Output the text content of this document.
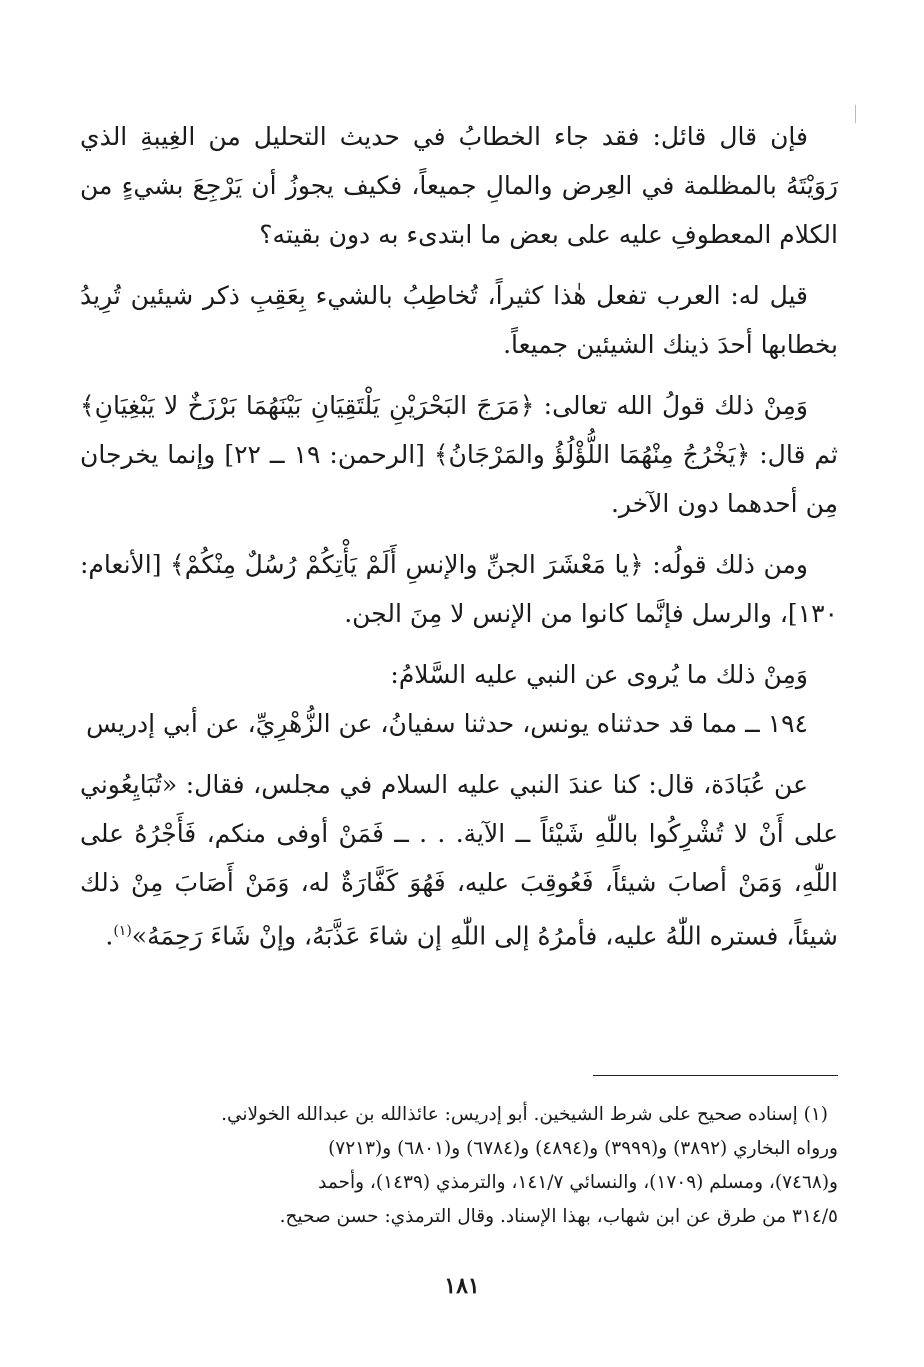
فإن قال قائل: فقد جاء الخطابُ في حديث التحليل من الغِيبةِ الذي رَوَيْتَهُ بالمظلمة في العِرض والمالِ جميعاً، فكيف يجوزُ أن يَرْجِعَ بشيءٍ من الكلام المعطوفِ عليه على بعض ما ابتدىء به دون بقيته؟

قيل له: العرب تفعل هٰذا كثيراً، تُخاطِبُ بالشيء بِعَقِبِ ذكر شيئين تُرِيدُ بخطابها أحدَ ذينك الشيئين جميعاً.

وَمِنْ ذلك قولُ الله تعالى: ﴿مَرَجَ البَحْرَيْنِ يَلْتَقِيَانِ بَيْنَهُمَا بَرْزَخٌ لا يَبْغِيَانِ﴾ ثم قال: ﴿يَخْرُجُ مِنْهُمَا اللُّؤْلُؤُ والمَرْجَانُ﴾ [الرحمن: ١٩ ــ ٢٢] وإنما يخرجان مِن أحدهما دون الآخر.

ومن ذلك قولُه: ﴿يا مَعْشَرَ الجنِّ والإنسِ أَلَمْ يَأْتِكُمْ رُسُلٌ مِنْكُمْ﴾ [الأنعام: ١٣٠]، والرسل فإنَّما كانوا من الإنس لا مِنَ الجن.

وَمِنْ ذلك ما يُروى عن النبي عليه السَّلامُ:

١٩٤ ــ مما قد حدثناه يونس، حدثنا سفيانُ، عن الزُّهْرِيِّ، عن أبي إدريس

عن عُبَادَة، قال: كنا عندَ النبي عليه السلام في مجلس، فقال: «تُبَايِعُوني على أَنْ لا تُشْرِكُوا باللّٰهِ شَيْئاً ــ الآية. . . ــ فَمَنْ أوفى منكم، فَأَجْرُهُ على اللّٰهِ، وَمَنْ أصابَ شيئاً، فَعُوقِبَ عليه، فَهُوَ كَفَّارَةٌ له، وَمَنْ أَصَابَ مِنْ ذلك شيئاً، فستره اللّٰهُ عليه، فأمرُهُ إلى اللّٰهِ إن شاءَ عَذَّبَهُ، وإنْ شَاءَ رَحِمَهُ»$^{(١)}$.

(١) إسناده صحيح على شرط الشيخين. أبو إدريس: عائذالله بن عبدالله الخولاني.

ورواه البخاري (٣٨٩٢) و(٣٩٩٩) و(٤٨٩٤) و(٦٧٨٤) و(٦٨٠١) و(٧٢١٣)

و(٧٤٦٨)، ومسلم (١٧٠٩)، والنسائي ١٤١/٧، والترمذي (١٤٣٩)، وأحمد

٣١٤/٥ من طرق عن ابن شهاب، بهذا الإسناد. وقال الترمذي: حسن صحيح.

١٨١
